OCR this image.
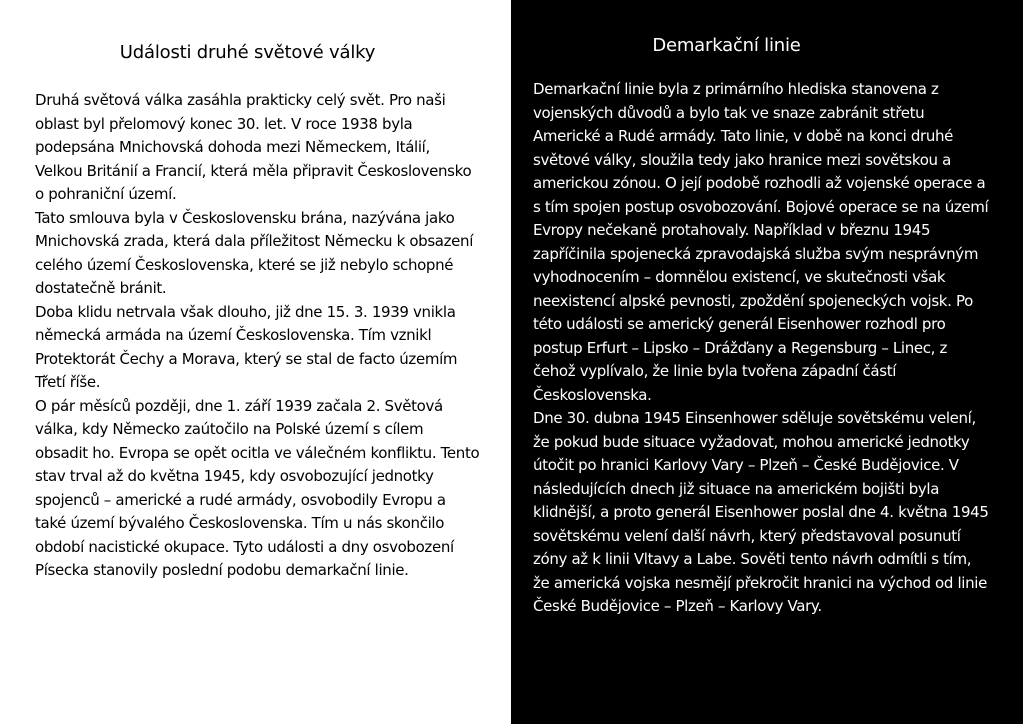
Události druhé světové války

Druhá světová válka zasáhla prakticky celý svět. Pro naši oblast byl přelomový konec 30. let. V roce 1938 byla podepsána Mnichovská dohoda mezi Německem, Itálií, Velkou Británií a Francií, která měla připravit Československo o pohraniční území.

Tato smlouva byla v Československu brána, nazývána jako Mnichovská zrada, která dala příležitost Německu k obsazení celého území Československa, které se již nebylo schopné dostatečně bránit.

Doba klidu netrvala však dlouho, již dne 15. 3. 1939 vnikla německá armáda na území Československa. Tím vznikl Protektorát Čechy a Morava, který se stal de facto územím Třetí říše.

O pár měsíců později, dne 1. září 1939 začala 2. Světová válka, kdy Německo zaútočilo na Polské území s cílem obsadit ho. Evropa se opět ocitla ve válečném konfliktu. Tento stav trval až do května 1945, kdy osvobozující jednotky spojenců – americké a rudé armády, osvobodily Evropu a také území bývalého Československa. Tím u nás skončilo období nacistické okupace. Tyto události a dny osvobození Písecka stanovily poslední podobu demarkační linie.

Demarkační linie

Demarkační linie byla z primárního hlediska stanovena z vojenských důvodů a bylo tak ve snaze zabránit střetu Americké a Rudé armády. Tato linie, v době na konci druhé světové války, sloužila tedy jako hranice mezi sovětskou a americkou zónou. O její podobě rozhodli až vojenské operace a s tím spojen postup osvobozování. Bojové operace se na území Evropy nečekaně protahovaly. Například v březnu 1945 zapříčinila spojenecká zpravodajská služba svým nesprávným vyhodnocením – domnělou existencí, ve skutečnosti však neexistencí alpské pevnosti, zpoždění spojeneckých vojsk. Po této události se americký generál Eisenhower rozhodl pro postup Erfurt – Lipsko – Drážďany a Regensburg – Linec, z čehož vyplívalo, že linie byla tvořena západní částí Československa.

Dne 30. dubna 1945 Einsenhower sděluje sovětskému velení, že pokud bude situace vyžadovat, mohou americké jednotky útočit po hranici Karlovy Vary – Plzeň – České Budějovice. V následujících dnech již situace na americkém bojišti byla klidnější, a proto generál Eisenhower poslal dne 4. května 1945 sovětskému velení další návrh, který představoval posunutí zóny až k linii Vltavy a Labe. Sověti tento návrh odmítli s tím, že americká vojska nesmějí překročit hranici na východ od linie České Budějovice – Plzeň – Karlovy Vary.
